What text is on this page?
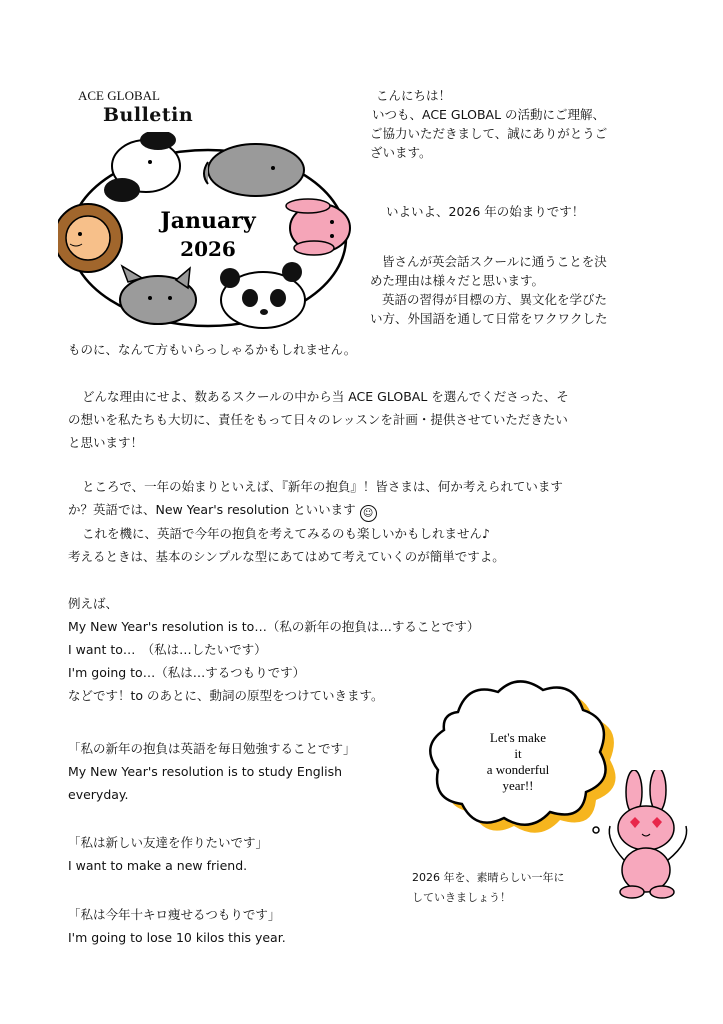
ACE GLOBAL
Bulletin
January
2026
こんにちは！
いつも、ACE GLOBAL の活動にご理解、
ご協力いただきまして、誠にありがとうご
ざいます。
いよいよ、2026 年の始まりです！
皆さんが英会話スクールに通うことを決
めた理由は様々だと思います。
英語の習得が目標の方、異文化を学びた
い方、外国語を通して日常をワクワクした
ものに、なんて方もいらっしゃるかもしれません。
どんな理由にせよ、数あるスクールの中から当 ACE GLOBAL を選んでくださった、そ
の想いを私たちも大切に、責任をもって日々のレッスンを計画・提供させていただきたい
と思います！
ところで、一年の始まりといえば、『新年の抱負』！皆さまは、何か考えられています
か？英語では、New Year's resolution といいます ☺
これを機に、英語で今年の抱負を考えてみるのも楽しいかもしれません♪
考えるときは、基本のシンプルな型にあてはめて考えていくのが簡単ですよ。
例えば、
My New Year's resolution is to…（私の新年の抱負は…することです）
I want to…　（私は…したいです）
I'm going to…（私は…するつもりです）
などです！to のあとに、動詞の原型をつけていきます。
「私の新年の抱負は英語を毎日勉強することです」
My New Year's resolution is to study English
everyday.
「私は新しい友達を作りたいです」
I want to make a new friend.
「私は今年十キロ痩せるつもりです」
I'm going to lose 10 kilos this year.
Let's make
it
a wonderful
year!!
2026 年を、素晴らしい一年に
していきましょう！
